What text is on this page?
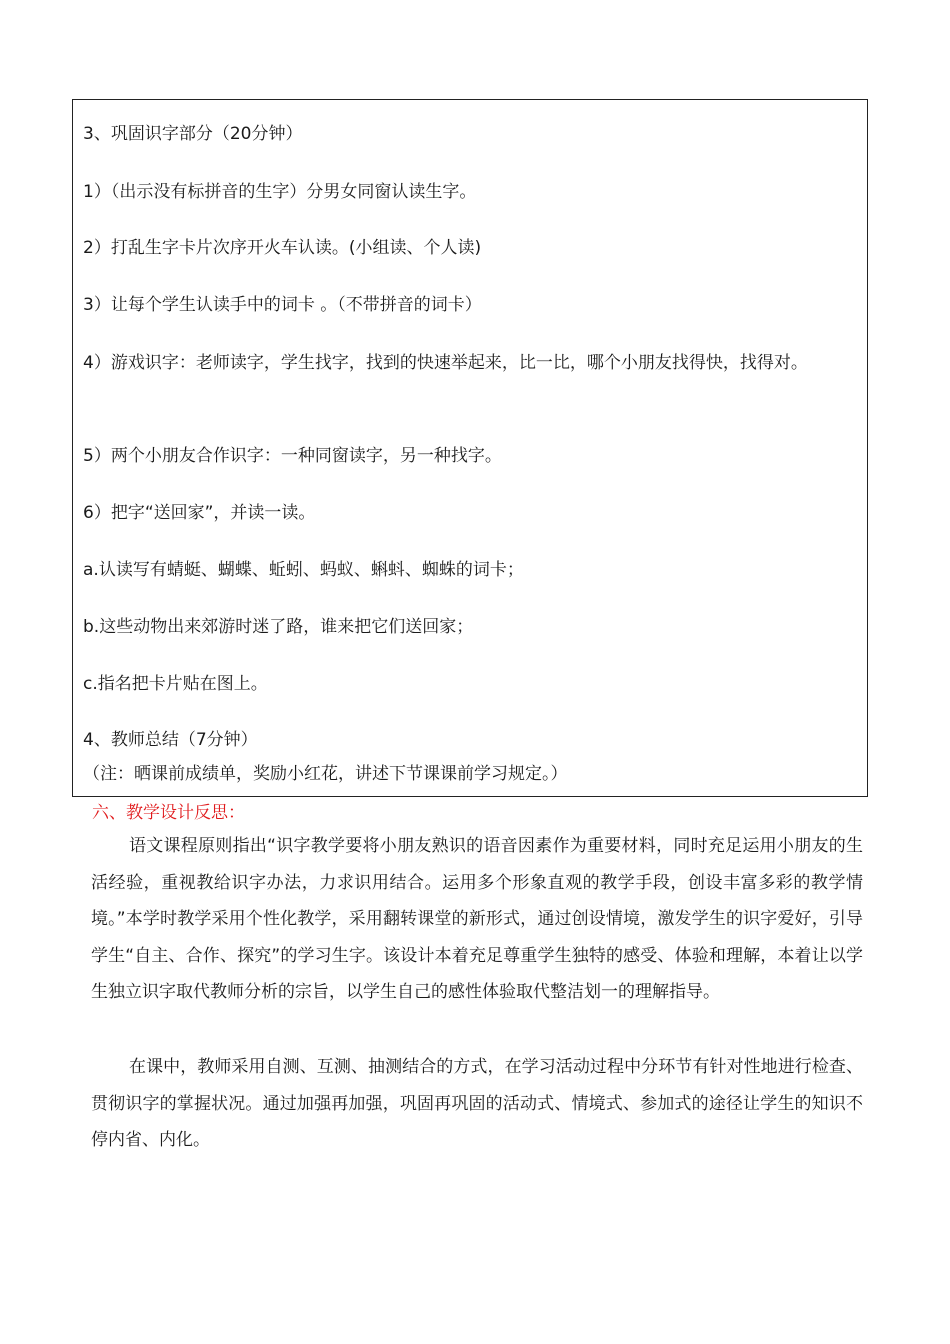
3、巩固识字部分（20分钟）
1）（出示没有标拼音的生字）分男女同窗认读生字。
2）打乱生字卡片次序开火车认读。(小组读、个人读)
3）让每个学生认读手中的词卡 。（不带拼音的词卡）
4）游戏识字：老师读字，学生找字，找到的快速举起来，比一比，哪个小朋友找得快，找得对。
5）两个小朋友合作识字：一种同窗读字，另一种找字。
6）把字“送回家”，并读一读。
a.认读写有蜻蜓、蝴蝶、蚯蚓、蚂蚁、蝌蚪、蜘蛛的词卡；
b.这些动物出来郊游时迷了路，谁来把它们送回家；
c.指名把卡片贴在图上。
4、教师总结（7分钟）
（注：晒课前成绩单，奖励小红花，讲述下节课课前学习规定。）
六、教学设计反思：
语文课程原则指出“识字教学要将小朋友熟识的语音因素作为重要材料，同时充足运用小朋友的生活经验，重视教给识字办法，力求识用结合。运用多个形象直观的教学手段，创设丰富多彩的教学情境。”本学时教学采用个性化教学，采用翻转课堂的新形式，通过创设情境，激发学生的识字爱好，引导学生“自主、合作、探究”的学习生字。该设计本着充足尊重学生独特的感受、体验和理解，本着让以学生独立识字取代教师分析的宗旨，以学生自己的感性体验取代整洁划一的理解指导。
在课中，教师采用自测、互测、抽测结合的方式，在学习活动过程中分环节有针对性地进行检查、贯彻识字的掌握状况。通过加强再加强，巩固再巩固的活动式、情境式、参加式的途径让学生的知识不停内省、内化。
